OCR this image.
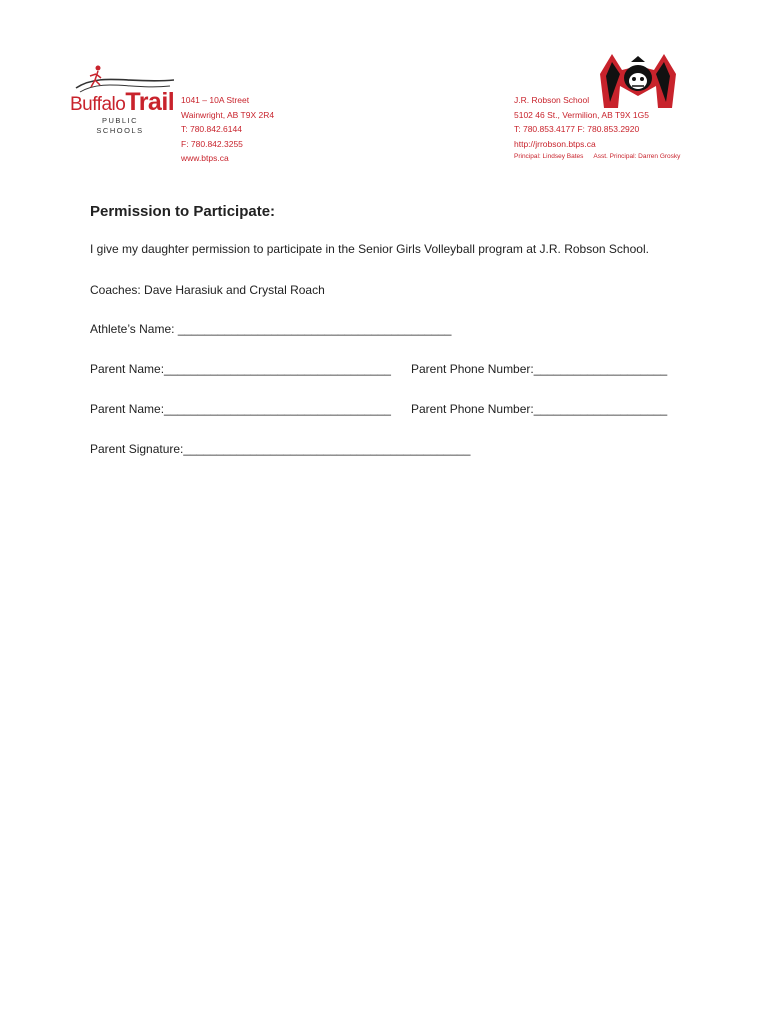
BuffaloTrail
PUBLIC
SCHOOLS
1041 – 10A Street
Wainwright, AB T9X 2R4
T: 780.842.6144
F: 780.842.3255
www.btps.ca
J.R. Robson School
5102 46 St., Vermilion, AB T9X 1G5
T: 780.853.4177 F: 780.853.2920
http://jrrobson.btps.ca
Principal: Lindsey Bates Asst. Principal: Darren Grosky
Permission to Participate:
I give my daughter permission to participate in the Senior Girls Volleyball program at J.R. Robson School.
Coaches: Dave Harasiuk and Crystal Roach
Athlete’s Name: _________________________________________
Parent Name:__________________________________ Parent Phone Number:____________________
Parent Name:__________________________________ Parent Phone Number:____________________
Parent Signature:___________________________________________
